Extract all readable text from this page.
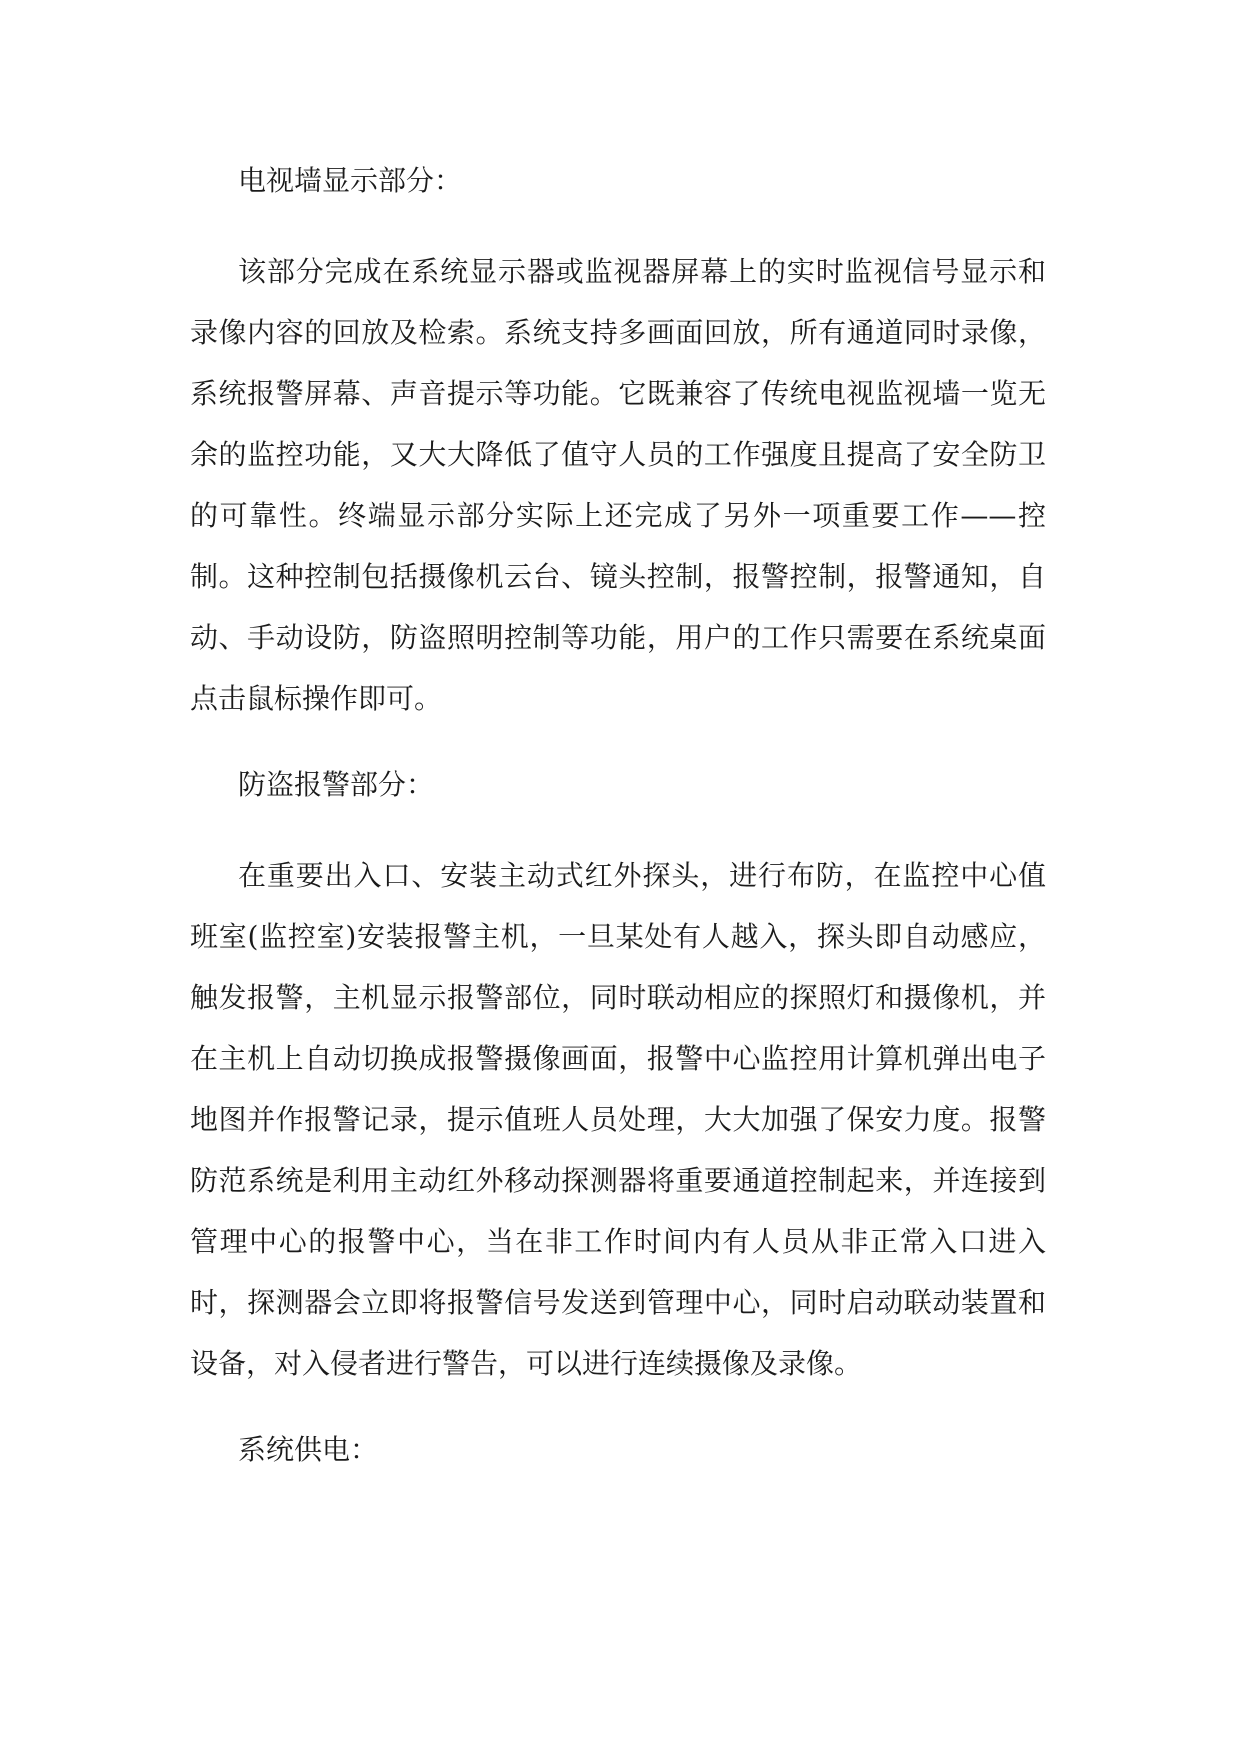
电视墙显示部分：

该部分完成在系统显示器或监视器屏幕上的实时监视信号显示和录像内容的回放及检索。系统支持多画面回放，所有通道同时录像，系统报警屏幕、声音提示等功能。它既兼容了传统电视监视墙一览无余的监控功能，又大大降低了值守人员的工作强度且提高了安全防卫的可靠性。终端显示部分实际上还完成了另外一项重要工作——控制。这种控制包括摄像机云台、镜头控制，报警控制，报警通知，自动、手动设防，防盗照明控制等功能，用户的工作只需要在系统桌面点击鼠标操作即可。

防盗报警部分：

在重要出入口、安装主动式红外探头，进行布防，在监控中心值班室(监控室)安装报警主机，一旦某处有人越入，探头即自动感应，触发报警，主机显示报警部位，同时联动相应的探照灯和摄像机，并在主机上自动切换成报警摄像画面，报警中心监控用计算机弹出电子地图并作报警记录，提示值班人员处理，大大加强了保安力度。报警防范系统是利用主动红外移动探测器将重要通道控制起来，并连接到管理中心的报警中心，当在非工作时间内有人员从非正常入口进入时，探测器会立即将报警信号发送到管理中心，同时启动联动装置和设备，对入侵者进行警告，可以进行连续摄像及录像。

系统供电：
